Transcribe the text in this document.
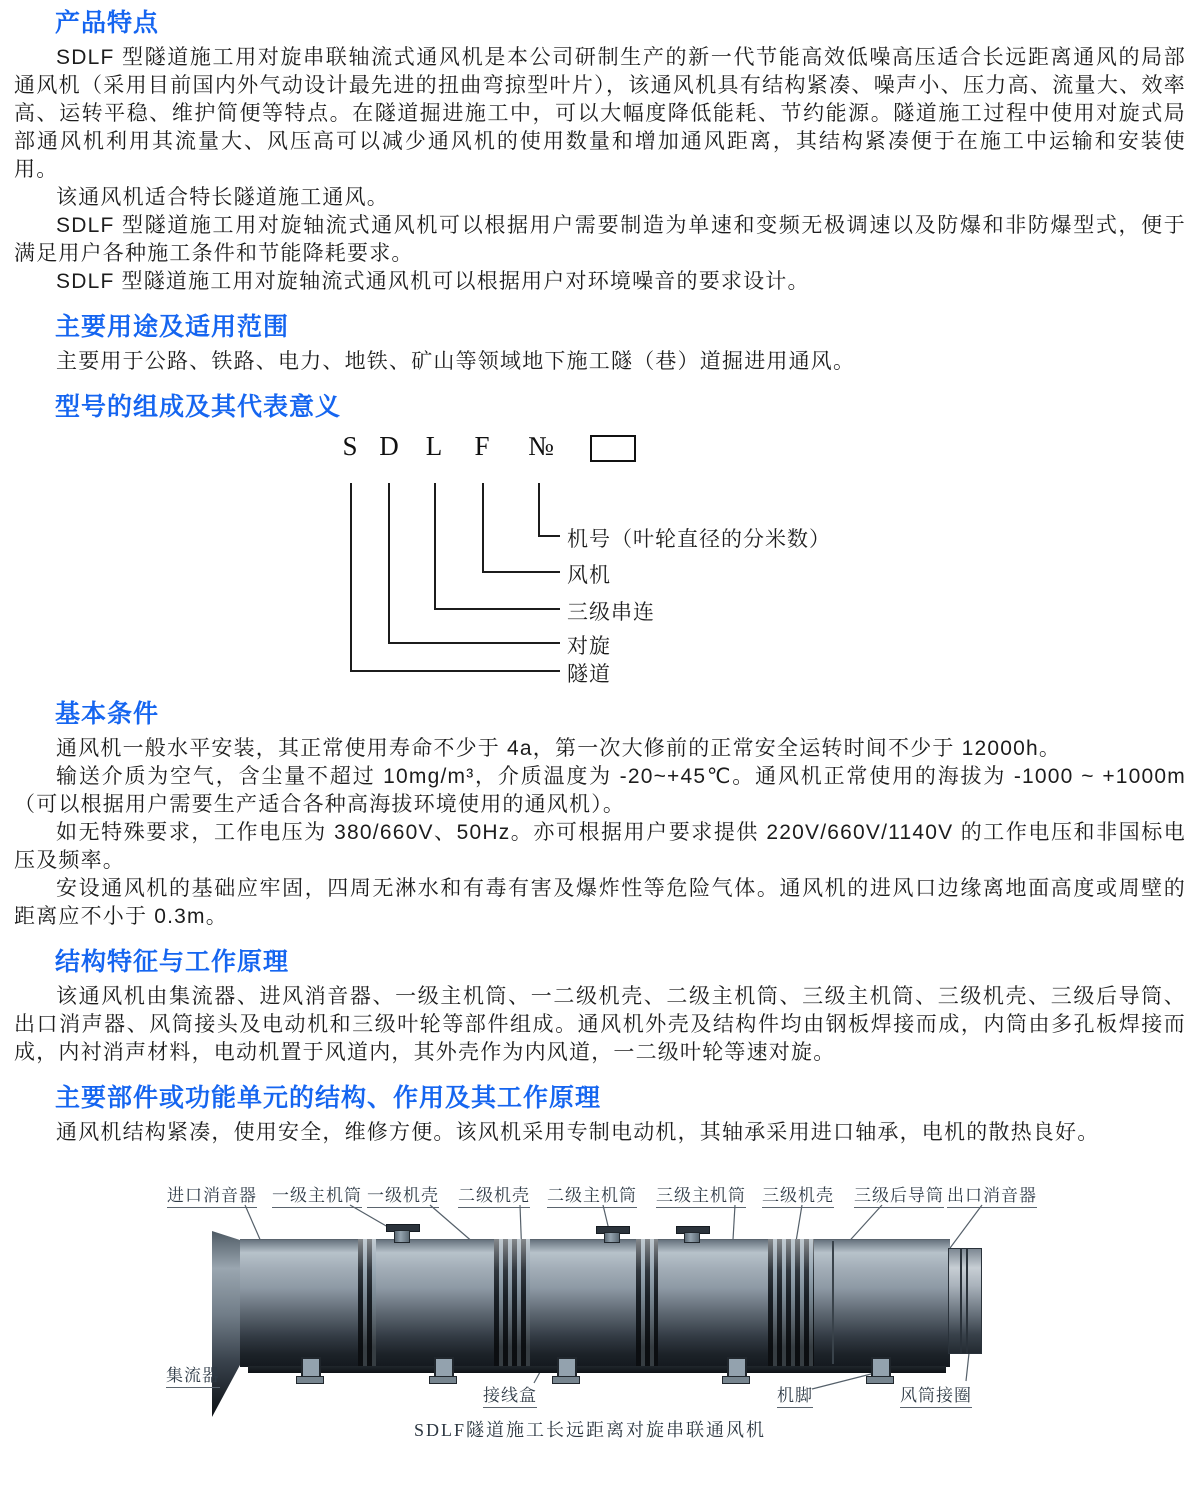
产品特点

SDLF 型隧道施工用对旋串联轴流式通风机是本公司研制生产的新一代节能高效低噪高压适合长远距离通风的局部通风机（采用目前国内外气动设计最先进的扭曲弯掠型叶片），该通风机具有结构紧凑、噪声小、压力高、流量大、效率高、运转平稳、维护简便等特点。在隧道掘进施工中，可以大幅度降低能耗、节约能源。隧道施工过程中使用对旋式局部通风机利用其流量大、风压高可以减少通风机的使用数量和增加通风距离，其结构紧凑便于在施工中运输和安装使用。

该通风机适合特长隧道施工通风。

SDLF 型隧道施工用对旋轴流式通风机可以根据用户需要制造为单速和变频无极调速以及防爆和非防爆型式，便于满足用户各种施工条件和节能降耗要求。

SDLF 型隧道施工用对旋轴流式通风机可以根据用户对环境噪音的要求设计。

主要用途及适用范围

主要用于公路、铁路、电力、地铁、矿山等领域地下施工隧（巷）道掘进用通风。

型号的组成及其代表意义
S D L F №
机号（叶轮直径的分米数）
风机
三级串连
对旋
隧道
基本条件

通风机一般水平安装，其正常使用寿命不少于 4a，第一次大修前的正常安全运转时间不少于 12000h。

输送介质为空气，含尘量不超过 10mg/m³，介质温度为 -20~+45℃。通风机正常使用的海拔为 -1000 ~ +1000m（可以根据用户需要生产适合各种高海拔环境使用的通风机）。

如无特殊要求，工作电压为 380/660V、50Hz。亦可根据用户要求提供 220V/660V/1140V 的工作电压和非国标电压及频率。

安设通风机的基础应牢固，四周无淋水和有毒有害及爆炸性等危险气体。通风机的进风口边缘离地面高度或周壁的距离应不小于 0.3m。

结构特征与工作原理

该通风机由集流器、进风消音器、一级主机筒、一二级机壳、二级主机筒、三级主机筒、三级机壳、三级后导筒、出口消声器、风筒接头及电动机和三级叶轮等部件组成。通风机外壳及结构件均由钢板焊接而成，内筒由多孔板焊接而成，内衬消声材料，电动机置于风道内，其外壳作为内风道，一二级叶轮等速对旋。

主要部件或功能单元的结构、作用及其工作原理

通风机结构紧凑，使用安全，维修方便。该风机采用专制电动机，其轴承采用进口轴承，电机的散热良好。

进口消音器 一级主机筒 一级机壳 二级机壳 二级主机筒 三级主机筒 三级机壳 三级后导筒 出口消音器
集流器
接线盒	机脚	风筒接圈
SDLF隧道施工长远距离对旋串联通风机
